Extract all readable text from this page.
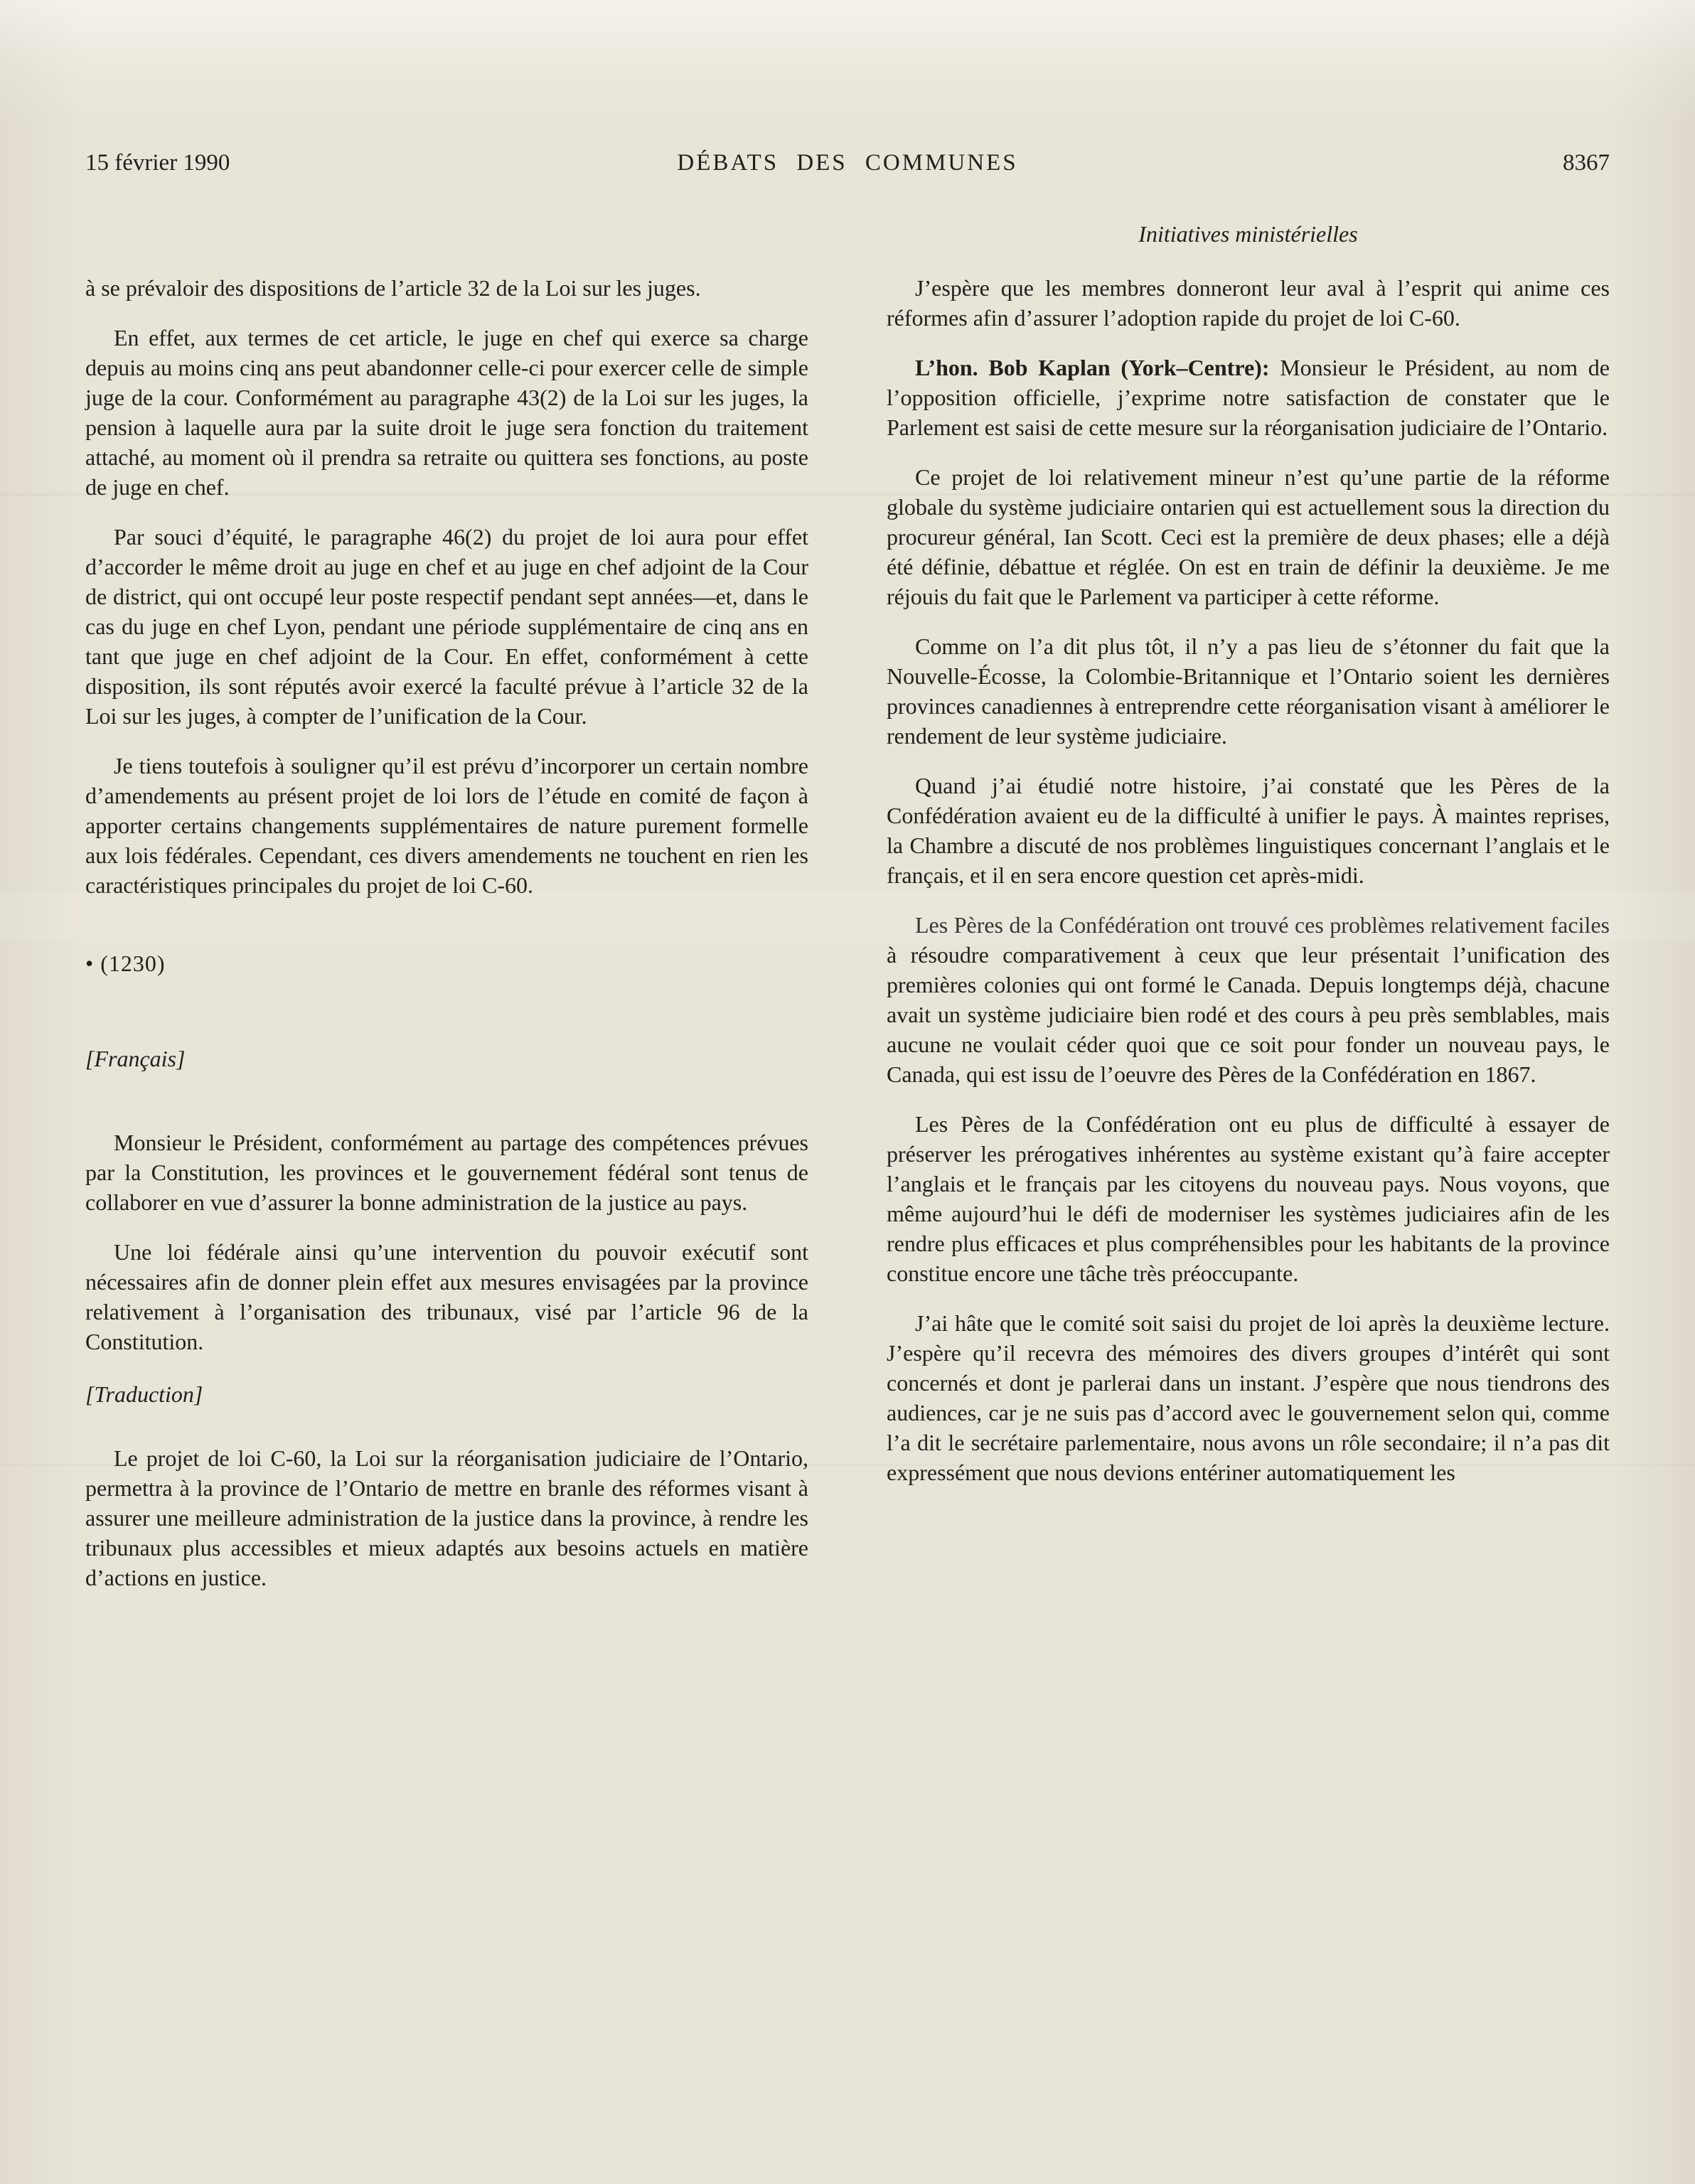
15 février 1990	DÉBATS DES COMMUNES	8367

à se prévaloir des dispositions de l’article 32 de la Loi sur les juges.

En effet, aux termes de cet article, le juge en chef qui exerce sa charge depuis au moins cinq ans peut abandonner celle-ci pour exercer celle de simple juge de la cour. Conformément au paragraphe 43(2) de la Loi sur les juges, la pension à laquelle aura par la suite droit le juge sera fonction du traitement attaché, au moment où il prendra sa retraite ou quittera ses fonctions, au poste de juge en chef.

Par souci d’équité, le paragraphe 46(2) du projet de loi aura pour effet d’accorder le même droit au juge en chef et au juge en chef adjoint de la Cour de district, qui ont occupé leur poste respectif pendant sept années—et, dans le cas du juge en chef Lyon, pendant une période supplémentaire de cinq ans en tant que juge en chef adjoint de la Cour. En effet, conformément à cette disposition, ils sont réputés avoir exercé la faculté prévue à l’article 32 de la Loi sur les juges, à compter de l’unification de la Cour.

Je tiens toutefois à souligner qu’il est prévu d’incorporer un certain nombre d’amendements au présent projet de loi lors de l’étude en comité de façon à apporter certains changements supplémentaires de nature purement formelle aux lois fédérales. Cependant, ces divers amendements ne touchent en rien les caractéristiques principales du projet de loi C-60.

• (1230)

[Français]

Monsieur le Président, conformément au partage des compétences prévues par la Constitution, les provinces et le gouvernement fédéral sont tenus de collaborer en vue d’assurer la bonne administration de la justice au pays.

Une loi fédérale ainsi qu’une intervention du pouvoir exécutif sont nécessaires afin de donner plein effet aux mesures envisagées par la province relativement à l’organisation des tribunaux, visé par l’article 96 de la Constitution.

[Traduction]

Le projet de loi C-60, la Loi sur la réorganisation judiciaire de l’Ontario, permettra à la province de l’Ontario de mettre en branle des réformes visant à assurer une meilleure administration de la justice dans la province, à rendre les tribunaux plus accessibles et mieux adaptés aux besoins actuels en matière d’actions en justice.

Initiatives ministérielles

J’espère que les membres donneront leur aval à l’esprit qui anime ces réformes afin d’assurer l’adoption rapide du projet de loi C-60.

L’hon. Bob Kaplan (York–Centre): Monsieur le Président, au nom de l’opposition officielle, j’exprime notre satisfaction de constater que le Parlement est saisi de cette mesure sur la réorganisation judiciaire de l’Ontario.

Ce projet de loi relativement mineur n’est qu’une partie de la réforme globale du système judiciaire ontarien qui est actuellement sous la direction du procureur général, Ian Scott. Ceci est la première de deux phases; elle a déjà été définie, débattue et réglée. On est en train de définir la deuxième. Je me réjouis du fait que le Parlement va participer à cette réforme.

Comme on l’a dit plus tôt, il n’y a pas lieu de s’étonner du fait que la Nouvelle-Écosse, la Colombie-Britannique et l’Ontario soient les dernières provinces canadiennes à entreprendre cette réorganisation visant à améliorer le rendement de leur système judiciaire.

Quand j’ai étudié notre histoire, j’ai constaté que les Pères de la Confédération avaient eu de la difficulté à unifier le pays. À maintes reprises, la Chambre a discuté de nos problèmes linguistiques concernant l’anglais et le français, et il en sera encore question cet après-midi.

Les Pères de la Confédération ont trouvé ces problèmes relativement faciles à résoudre comparativement à ceux que leur présentait l’unification des premières colonies qui ont formé le Canada. Depuis longtemps déjà, chacune avait un système judiciaire bien rodé et des cours à peu près semblables, mais aucune ne voulait céder quoi que ce soit pour fonder un nouveau pays, le Canada, qui est issu de l’oeuvre des Pères de la Confédération en 1867.

Les Pères de la Confédération ont eu plus de difficulté à essayer de préserver les prérogatives inhérentes au système existant qu’à faire accepter l’anglais et le français par les citoyens du nouveau pays. Nous voyons, que même aujourd’hui le défi de moderniser les systèmes judiciaires afin de les rendre plus efficaces et plus compréhensibles pour les habitants de la province constitue encore une tâche très préoccupante.

J’ai hâte que le comité soit saisi du projet de loi après la deuxième lecture. J’espère qu’il recevra des mémoires des divers groupes d’intérêt qui sont concernés et dont je parlerai dans un instant. J’espère que nous tiendrons des audiences, car je ne suis pas d’accord avec le gouvernement selon qui, comme l’a dit le secrétaire parlementaire, nous avons un rôle secondaire; il n’a pas dit expressément que nous devions entériner automatiquement les
